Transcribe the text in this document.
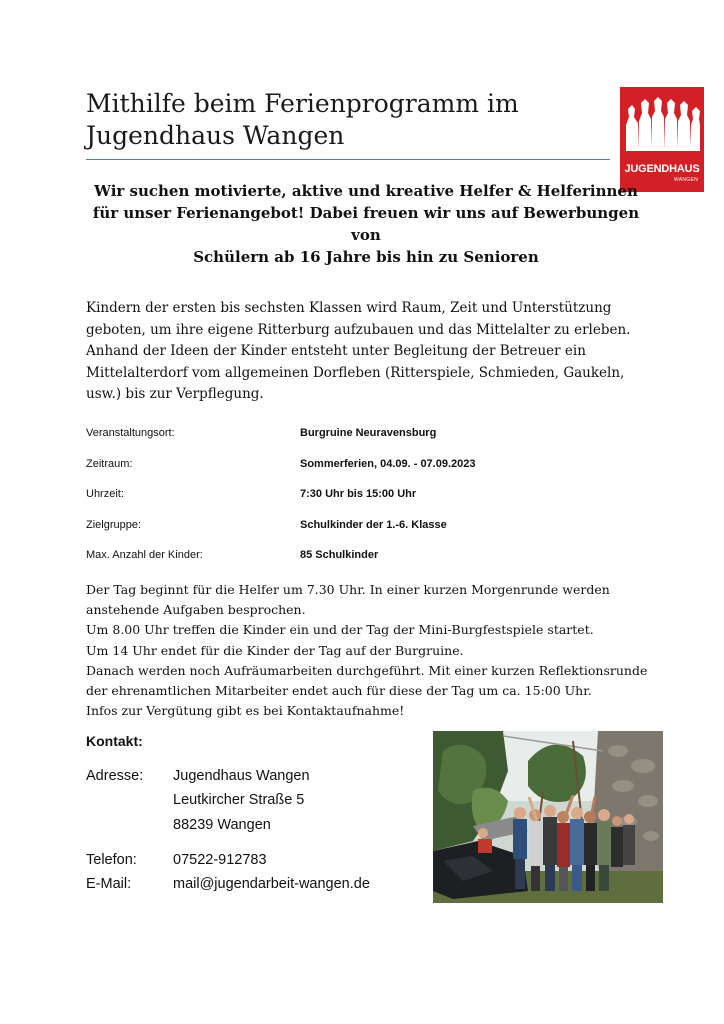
Mithilfe beim Ferienprogramm im
Jugendhaus Wangen
JUGENDHAUS
WANGEN
Wir suchen motivierte, aktive und kreative Helfer & Helferinnen
für unser Ferienangebot! Dabei freuen wir uns auf Bewerbungen von
Schülern ab 16 Jahre bis hin zu Senioren
Kindern der ersten bis sechsten Klassen wird Raum, Zeit und Unterstützung
geboten, um ihre eigene Ritterburg aufzubauen und das Mittelalter zu erleben.
Anhand der Ideen der Kinder entsteht unter Begleitung der Betreuer ein
Mittelalterdorf vom allgemeinen Dorfleben (Ritterspiele, Schmieden, Gaukeln,
usw.) bis zur Verpflegung.
Veranstaltungsort:	Burgruine Neuravensburg
Zeitraum:	Sommerferien, 04.09. - 07.09.2023
Uhrzeit:	7:30 Uhr bis 15:00 Uhr
Zielgruppe:	Schulkinder der 1.-6. Klasse
Max. Anzahl der Kinder:	85 Schulkinder
Der Tag beginnt für die Helfer um 7.30 Uhr. In einer kurzen Morgenrunde werden
anstehende Aufgaben besprochen.
Um 8.00 Uhr treffen die Kinder ein und der Tag der Mini-Burgfestspiele startet.
Um 14 Uhr endet für die Kinder der Tag auf der Burgruine.
Danach werden noch Aufräumarbeiten durchgeführt. Mit einer kurzen Reflektionsrunde
der ehrenamtlichen Mitarbeiter endet auch für diese der Tag um ca. 15:00 Uhr.
Infos zur Vergütung gibt es bei Kontaktaufnahme!
Kontakt:
Adresse: Jugendhaus Wangen
Leutkircher Straße 5
88239 Wangen
Telefon: 07522-912783
E-Mail:	mail@jugendarbeit-wangen.de
